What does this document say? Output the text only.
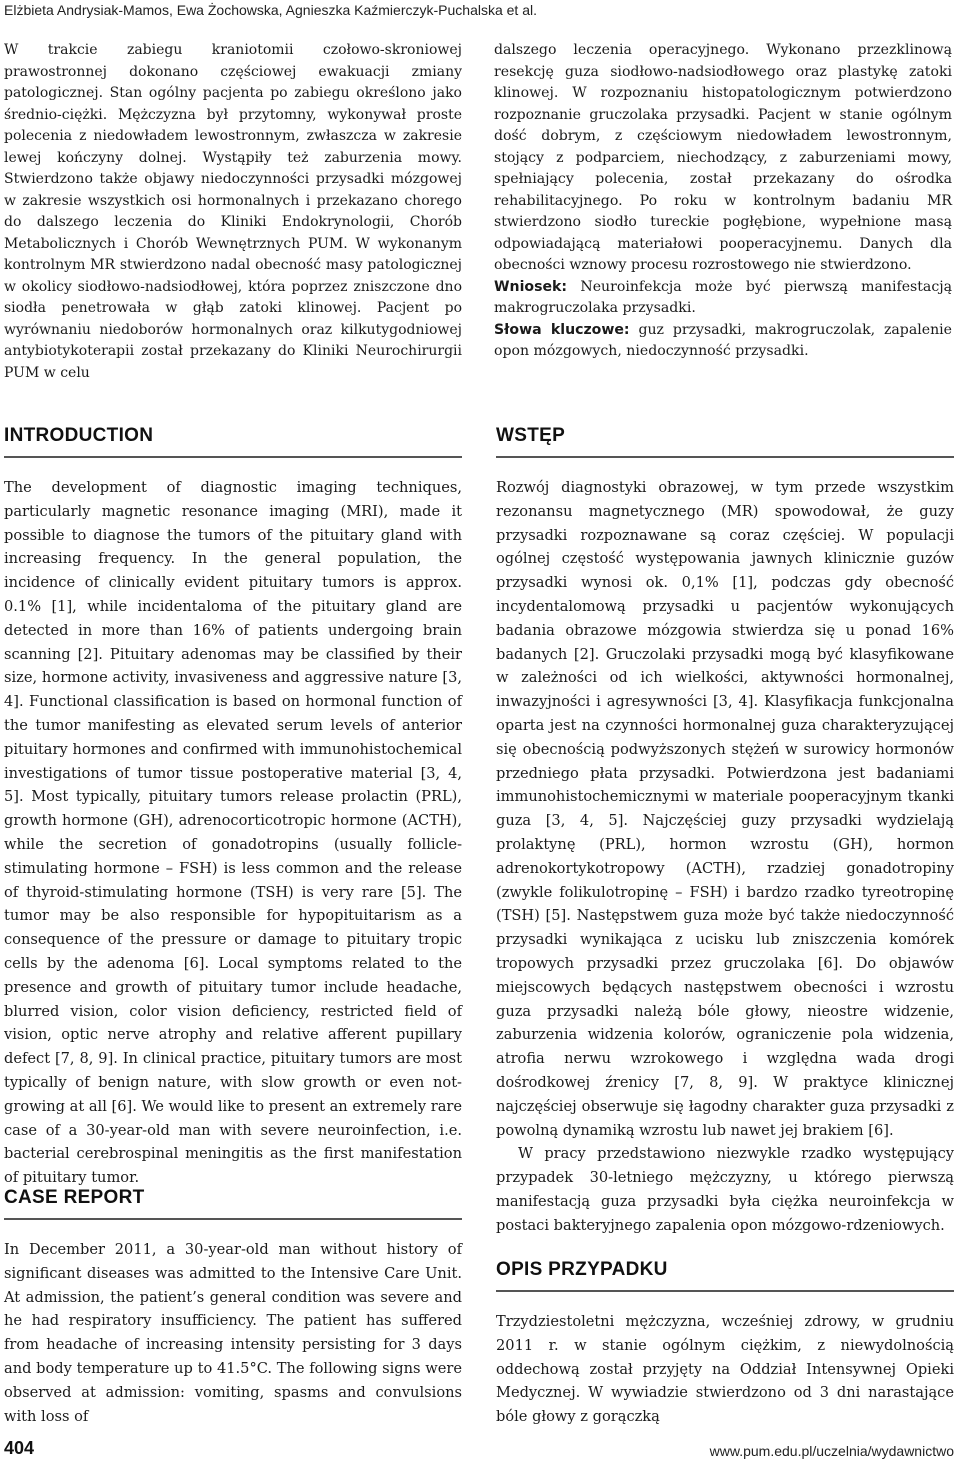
Elżbieta Andrysiak-Mamos, Ewa Żochowska, Agnieszka Kaźmierczyk-Puchalska et al.

W trakcie zabiegu kraniotomii czołowo-skroniowej prawostronnej dokonano częściowej ewakuacji zmiany patologicznej. Stan ogólny pacjenta po zabiegu określono jako średnio-ciężki. Mężczyzna był przytomny, wykonywał proste polecenia z niedowładem lewostronnym, zwłaszcza w zakresie lewej kończyny dolnej. Wystąpiły też zaburzenia mowy. Stwierdzono także objawy niedoczynności przysadki mózgowej w zakresie wszystkich osi hormonalnych i przekazano chorego do dalszego leczenia do Kliniki Endokrynologii, Chorób Metabolicznych i Chorób Wewnętrznych PUM. W wykonanym kontrolnym MR stwierdzono nadal obecność masy patologicznej w okolicy siodłowo-nadsiodłowej, która poprzez zniszczone dno siodła penetrowała w głąb zatoki klinowej. Pacjent po wyrównaniu niedoborów hormonalnych oraz kilkutygodniowej antybiotykoterapii został przekazany do Kliniki Neurochirurgii PUM w celu

dalszego leczenia operacyjnego. Wykonano przezklinową resekcję guza siodłowo-nadsiodłowego oraz plastykę zatoki klinowej. W rozpoznaniu histopatologicznym potwierdzono rozpoznanie gruczolaka przysadki. Pacjent w stanie ogólnym dość dobrym, z częściowym niedowładem lewostronnym, stojący z podparciem, niechodzący, z zaburzeniami mowy, spełniający polecenia, został przekazany do ośrodka rehabilitacyjnego. Po roku w kontrolnym badaniu MR stwierdzono siodło tureckie pogłębione, wypełnione masą odpowiadającą materiałowi pooperacyjnemu. Danych dla obecności wznowy procesu rozrostowego nie stwierdzono.

Wniosek: Neuroinfekcja może być pierwszą manifestacją makrogruczolaka przysadki.

Słowa kluczowe: guz przysadki, makrogruczolak, zapalenie opon mózgowych, niedoczynność przysadki.

INTRODUCTION	WSTĘP

The development of diagnostic imaging techniques, particularly magnetic resonance imaging (MRI), made it possible to diagnose the tumors of the pituitary gland with increasing frequency. In the general population, the incidence of clinically evident pituitary tumors is approx. 0.1% [1], while incidentaloma of the pituitary gland are detected in more than 16% of patients undergoing brain scanning [2]. Pituitary adenomas may be classified by their size, hormone activity, invasiveness and aggressive nature [3, 4]. Functional classification is based on hormonal function of the tumor manifesting as elevated serum levels of anterior pituitary hormones and confirmed with immunohistochemical investigations of tumor tissue postoperative material [3, 4, 5]. Most typically, pituitary tumors release prolactin (PRL), growth hormone (GH), adrenocorticotropic hormone (ACTH), while the secretion of gonadotropins (usually follicle-stimulating hormone – FSH) is less common and the release of thyroid-stimulating hormone (TSH) is very rare [5]. The tumor may be also responsible for hypopituitarism as a consequence of the pressure or damage to pituitary tropic cells by the adenoma [6]. Local symptoms related to the presence and growth of pituitary tumor include headache, blurred vision, color vision deficiency, restricted field of vision, optic nerve atrophy and relative afferent pupillary defect [7, 8, 9]. In clinical practice, pituitary tumors are most typically of benign nature, with slow growth or even not-growing at all [6]. We would like to present an extremely rare case of a 30-year-old man with severe neuroinfection, i.e. bacterial cerebrospinal meningitis as the first manifestation of pituitary tumor.

CASE REPORT

In December 2011, a 30-year-old man without history of significant diseases was admitted to the Intensive Care Unit. At admission, the patient’s general condition was severe and he had respiratory insufficiency. The patient has suffered from headache of increasing intensity persisting for 3 days and body temperature up to 41.5°C. The following signs were observed at admission: vomiting, spasms and convulsions with loss of

Rozwój diagnostyki obrazowej, w tym przede wszystkim rezonansu magnetycznego (MR) spowodował, że guzy przysadki rozpoznawane są coraz częściej. W populacji ogólnej częstość występowania jawnych klinicznie guzów przysadki wynosi ok. 0,1% [1], podczas gdy obecność incydentalomową przysadki u pacjentów wykonujących badania obrazowe mózgowia stwierdza się u ponad 16% badanych [2]. Gruczolaki przysadki mogą być klasyfikowane w zależności od ich wielkości, aktywności hormonalnej, inwazyjności i agresywności [3, 4]. Klasyfikacja funkcjonalna oparta jest na czynności hormonalnej guza charakteryzującej się obecnością podwyższonych stężeń w surowicy hormonów przedniego płata przysadki. Potwierdzona jest badaniami immunohistochemicznymi w materiale pooperacyjnym tkanki guza [3, 4, 5]. Najczęściej guzy przysadki wydzielają prolaktynę (PRL), hormon wzrostu (GH), hormon adrenokortykotropowy (ACTH), rzadziej gonadotropiny (zwykle folikulotropinę – FSH) i bardzo rzadko tyreotropinę (TSH) [5]. Następstwem guza może być także niedoczynność przysadki wynikająca z ucisku lub zniszczenia komórek tropowych przysadki przez gruczolaka [6]. Do objawów miejscowych będących następstwem obecności i wzrostu guza przysadki należą bóle głowy, nieostre widzenie, zaburzenia widzenia kolorów, ograniczenie pola widzenia, atrofia nerwu wzrokowego i względna wada drogi dośrodkowej źrenicy [7, 8, 9]. W praktyce klinicznej najczęściej obserwuje się łagodny charakter guza przysadki z powolną dynamiką wzrostu lub nawet jej brakiem [6].

W pracy przedstawiono niezwykle rzadko występujący przypadek 30-letniego mężczyzny, u którego pierwszą manifestacją guza przysadki była ciężka neuroinfekcja w postaci bakteryjnego zapalenia opon mózgowo-rdzeniowych.

OPIS PRZYPADKU

Trzydziestoletni mężczyzna, wcześniej zdrowy, w grudniu 2011 r. w stanie ogólnym ciężkim, z niewydolnością oddechową został przyjęty na Oddział Intensywnej Opieki Medycznej. W wywiadzie stwierdzono od 3 dni narastające bóle głowy z gorączką

404	www.pum.edu.pl/uczelnia/wydawnictwo
